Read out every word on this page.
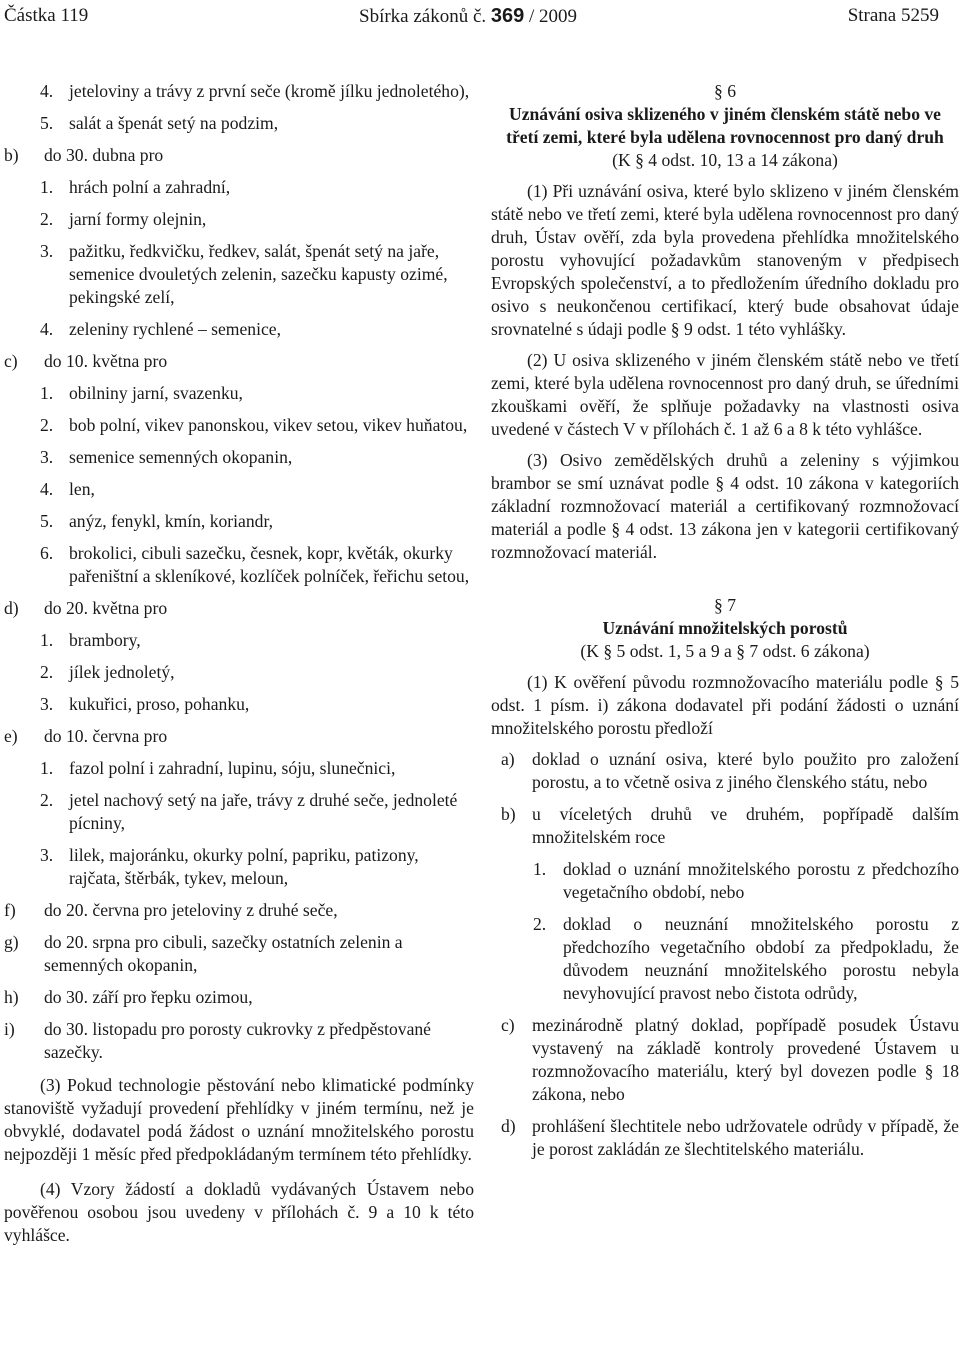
Částka 119	Sbírka zákonů č. 369 / 2009	Strana 5259
4. jeteloviny a trávy z první seče (kromě jílku jednoletého),
5. salát a špenát setý na podzim,
b) do 30. dubna pro
1. hrách polní a zahradní,
2. jarní formy olejnin,
3. pažitku, ředkvičku, ředkev, salát, špenát setý na jaře, semenice dvouletých zelenin, sazečku kapusty ozimé, pekingské zelí,
4. zeleniny rychlené – semenice,
c) do 10. května pro
1. obilniny jarní, svazenku,
2. bob polní, vikev panonskou, vikev setou, vikev huňatou,
3. semenice semenných okopanin,
4. len,
5. anýz, fenykl, kmín, koriandr,
6. brokolici, cibuli sazečku, česnek, kopr, květák, okurky pařeništní a skleníkové, kozlíček polníček, řeřichu setou,
d) do 20. května pro
1. brambory,
2. jílek jednoletý,
3. kukuřici, proso, pohanku,
e) do 10. června pro
1. fazol polní i zahradní, lupinu, sóju, slunečnici,
2. jetel nachový setý na jaře, trávy z druhé seče, jednoleté pícniny,
3. lilek, majoránku, okurky polní, papriku, patizony, rajčata, štěrbák, tykev, meloun,
f) do 20. června pro jeteloviny z druhé seče,
g) do 20. srpna pro cibuli, sazečky ostatních zelenin a semenných okopanin,
h) do 30. září pro řepku ozimou,
i) do 30. listopadu pro porosty cukrovky z předpěstované sazečky.

(3) Pokud technologie pěstování nebo klimatické podmínky stanoviště vyžadují provedení přehlídky v jiném termínu, než je obvyklé, dodavatel podá žádost o uznání množitelského porostu nejpozději 1 měsíc před předpokládaným termínem této přehlídky.

(4) Vzory žádostí a dokladů vydávaných Ústavem nebo pověřenou osobou jsou uvedeny v přílohách č. 9 a 10 k této vyhlášce.

§ 6

Uznávání osiva sklizeného v jiném členském státě nebo ve třetí zemi, které byla udělena rovnocennost pro daný druh

(K § 4 odst. 10, 13 a 14 zákona)

(1) Při uznávání osiva, které bylo sklizeno v jiném členském státě nebo ve třetí zemi, které byla udělena rovnocennost pro daný druh, Ústav ověří, zda byla provedena přehlídka množitelského porostu vyhovující požadavkům stanoveným v předpisech Evropských společenství, a to předložením úředního dokladu pro osivo s neukončenou certifikací, který bude obsahovat údaje srovnatelné s údaji podle § 9 odst. 1 této vyhlášky.

(2) U osiva sklizeného v jiném členském státě nebo ve třetí zemi, které byla udělena rovnocennost pro daný druh, se úředními zkouškami ověří, že splňuje požadavky na vlastnosti osiva uvedené v částech V v přílohách č. 1 až 6 a 8 k této vyhlášce.

(3) Osivo zemědělských druhů a zeleniny s výjimkou brambor se smí uznávat podle § 4 odst. 10 zákona v kategoriích základní rozmnožovací materiál a certifikovaný rozmnožovací materiál a podle § 4 odst. 13 zákona jen v kategorii certifikovaný rozmnožovací materiál.

§ 7

Uznávání množitelských porostů

(K § 5 odst. 1, 5 a 9 a § 7 odst. 6 zákona)

(1) K ověření původu rozmnožovacího materiálu podle § 5 odst. 1 písm. i) zákona dodavatel při podání žádosti o uznání množitelského porostu předloží

a) doklad o uznání osiva, které bylo použito pro založení porostu, a to včetně osiva z jiného členského státu, nebo
b) u víceletých druhů ve druhém, popřípadě dalším množitelském roce
1. doklad o uznání množitelského porostu z předchozího vegetačního období, nebo
2. doklad o neuznání množitelského porostu z předchozího vegetačního období za předpokladu, že důvodem neuznání množitelského porostu nebyla nevyhovující pravost nebo čistota odrůdy,
c) mezinárodně platný doklad, popřípadě posudek Ústavu vystavený na základě kontroly provedené Ústavem u rozmnožovacího materiálu, který byl dovezen podle § 18 zákona, nebo
d) prohlášení šlechtitele nebo udržovatele odrůdy v případě, že je porost zakládán ze šlechtitelského materiálu.
